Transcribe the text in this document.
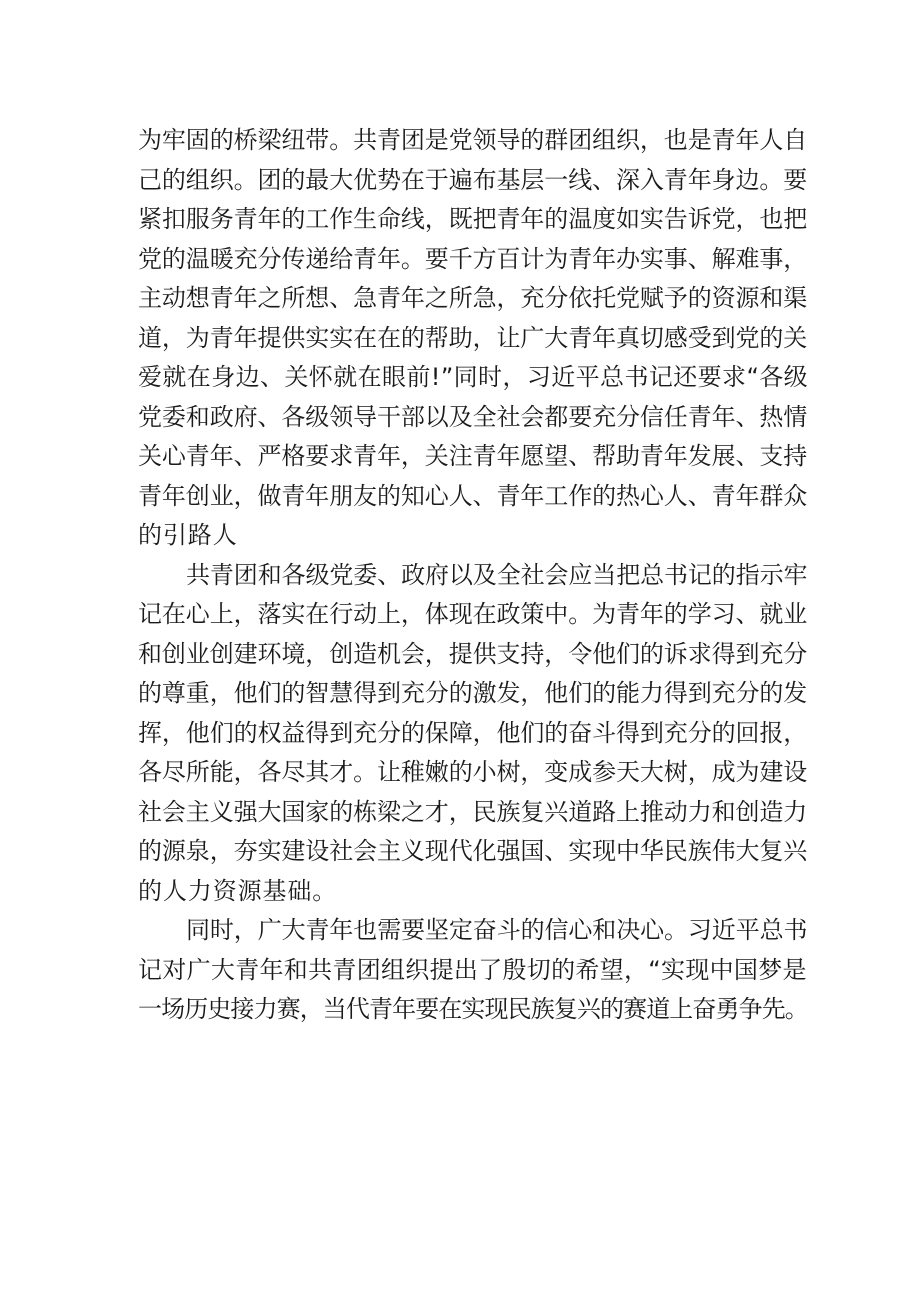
为牢固的桥梁纽带。共青团是党领导的群团组织，也是青年人自
己的组织。团的最大优势在于遍布基层一线、深入青年身边。要
紧扣服务青年的工作生命线，既把青年的温度如实告诉党，也把
党的温暖充分传递给青年。要千方百计为青年办实事、解难事，
主动想青年之所想、急青年之所急，充分依托党赋予的资源和渠
道，为青年提供实实在在的帮助，让广大青年真切感受到党的关
爱就在身边、关怀就在眼前!”同时，习近平总书记还要求“各级
党委和政府、各级领导干部以及全社会都要充分信任青年、热情
关心青年、严格要求青年，关注青年愿望、帮助青年发展、支持
青年创业，做青年朋友的知心人、青年工作的热心人、青年群众
的引路人
共青团和各级党委、政府以及全社会应当把总书记的指示牢
记在心上，落实在行动上，体现在政策中。为青年的学习、就业
和创业创建环境，创造机会，提供支持，令他们的诉求得到充分
的尊重，他们的智慧得到充分的激发，他们的能力得到充分的发
挥，他们的权益得到充分的保障，他们的奋斗得到充分的回报，
各尽所能，各尽其才。让稚嫩的小树，变成参天大树，成为建设
社会主义强大国家的栋梁之才，民族复兴道路上推动力和创造力
的源泉，夯实建设社会主义现代化强国、实现中华民族伟大复兴
的人力资源基础。
同时，广大青年也需要坚定奋斗的信心和决心。习近平总书
记对广大青年和共青团组织提出了殷切的希望，“实现中国梦是
一场历史接力赛，当代青年要在实现民族复兴的赛道上奋勇争先。
